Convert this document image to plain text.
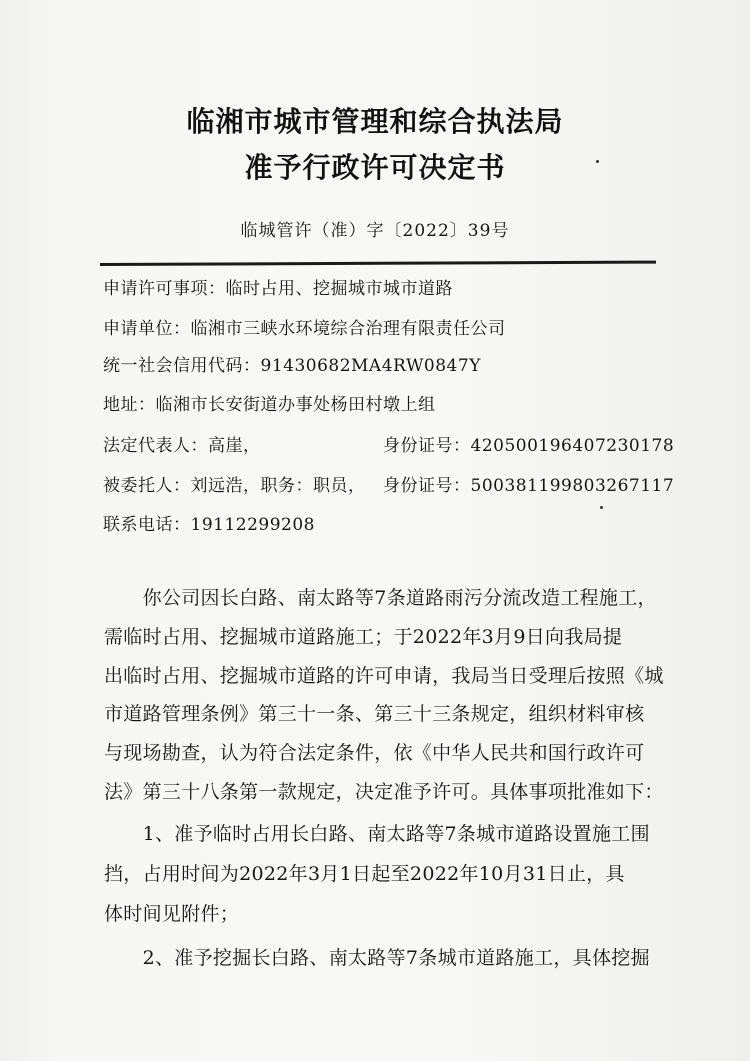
临湘市城市管理和综合执法局
准予行政许可决定书
临城管许（准）字〔2022〕39号
申请许可事项：临时占用、挖掘城市城市道路
申请单位：临湘市三峡水环境综合治理有限责任公司
统一社会信用代码：91430682MA4RW0847Y
地址：临湘市长安街道办事处杨田村墩上组
法定代表人：高崖，	身份证号：420500196407230178
被委托人：刘远浩，职务：职员， 身份证号：500381199803267117
联系电话：19112299208
　　你公司因长白路、南太路等7条道路雨污分流改造工程施工，
需临时占用、挖掘城市道路施工；于2022年3月9日向我局提
出临时占用、挖掘城市道路的许可申请，我局当日受理后按照《城
市道路管理条例》第三十一条、第三十三条规定，组织材料审核
与现场勘查，认为符合法定条件，依《中华人民共和国行政许可
法》第三十八条第一款规定，决定准予许可。具体事项批准如下：
　　1、准予临时占用长白路、南太路等7条城市道路设置施工围
挡，占用时间为2022年3月1日起至2022年10月31日止，具
体时间见附件；
　　2、准予挖掘长白路、南太路等7条城市道路施工，具体挖掘
